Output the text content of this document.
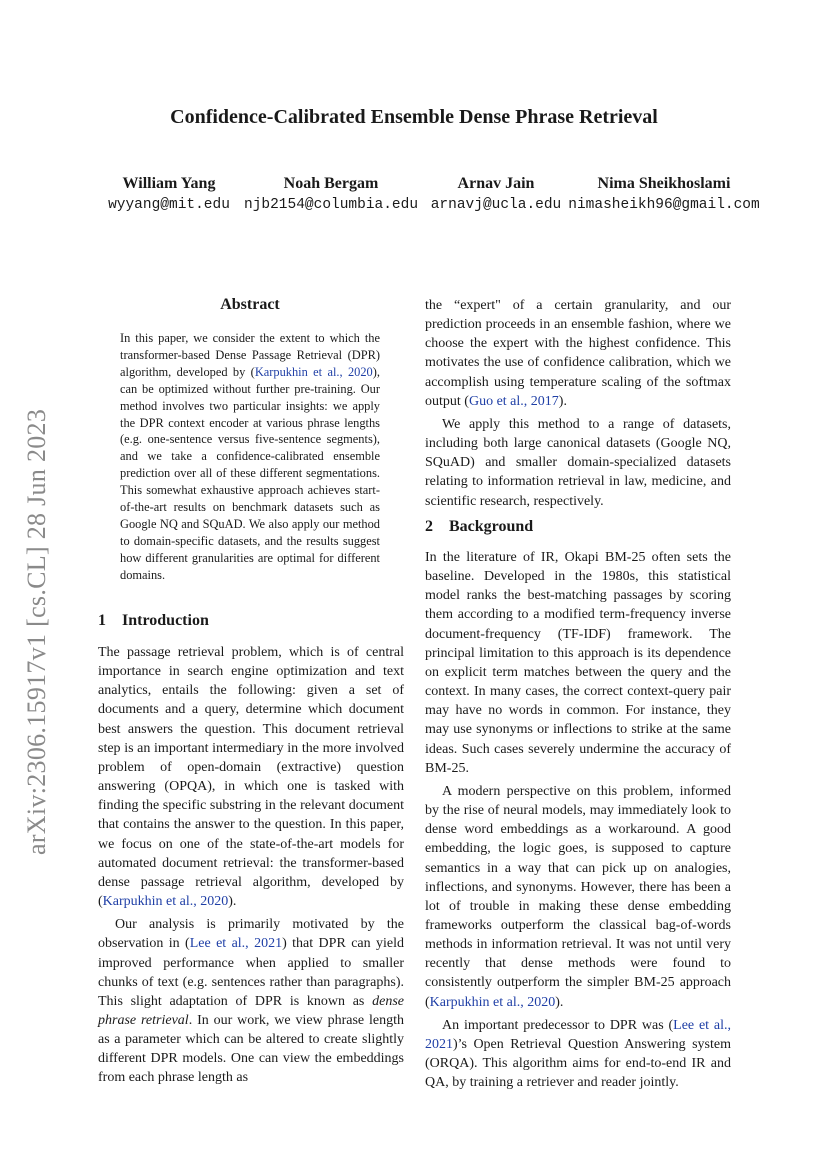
arXiv:2306.15917v1 [cs.CL] 28 Jun 2023
Confidence-Calibrated Ensemble Dense Phrase Retrieval
William Yang
wyyang@mit.edu
Noah Bergam
njb2154@columbia.edu
Arnav Jain
arnavj@ucla.edu
Nima Sheikhoslami
nimasheikh96@gmail.com
Abstract

In this paper, we consider the extent to which the transformer-based Dense Passage Retrieval (DPR) algorithm, developed by (Karpukhin et al., 2020), can be optimized without further pre-training. Our method involves two particular insights: we apply the DPR context encoder at various phrase lengths (e.g. one-sentence versus five-sentence segments), and we take a confidence-calibrated ensemble prediction over all of these different segmentations. This somewhat exhaustive approach achieves start-of-the-art results on benchmark datasets such as Google NQ and SQuAD. We also apply our method to domain-specific datasets, and the results suggest how different granularities are optimal for different domains.

1 Introduction

The passage retrieval problem, which is of central importance in search engine optimization and text analytics, entails the following: given a set of documents and a query, determine which document best answers the question. This document retrieval step is an important intermediary in the more involved problem of open-domain (extractive) question answering (OPQA), in which one is tasked with finding the specific substring in the relevant document that contains the answer to the question. In this paper, we focus on one of the state-of-the-art models for automated document retrieval: the transformer-based dense passage retrieval algorithm, developed by (Karpukhin et al., 2020).

Our analysis is primarily motivated by the observation in (Lee et al., 2021) that DPR can yield improved performance when applied to smaller chunks of text (e.g. sentences rather than paragraphs). This slight adaptation of DPR is known as dense phrase retrieval. In our work, we view phrase length as a parameter which can be altered to create slightly different DPR models. One can view the embeddings from each phrase length as

the “expert" of a certain granularity, and our prediction proceeds in an ensemble fashion, where we choose the expert with the highest confidence. This motivates the use of confidence calibration, which we accomplish using temperature scaling of the softmax output (Guo et al., 2017).

We apply this method to a range of datasets, including both large canonical datasets (Google NQ, SQuAD) and smaller domain-specialized datasets relating to information retrieval in law, medicine, and scientific research, respectively.

2 Background

In the literature of IR, Okapi BM-25 often sets the baseline. Developed in the 1980s, this statistical model ranks the best-matching passages by scoring them according to a modified term-frequency inverse document-frequency (TF-IDF) framework. The principal limitation to this approach is its dependence on explicit term matches between the query and the context. In many cases, the correct context-query pair may have no words in common. For instance, they may use synonyms or inflections to strike at the same ideas. Such cases severely undermine the accuracy of BM-25.

A modern perspective on this problem, informed by the rise of neural models, may immediately look to dense word embeddings as a workaround. A good embedding, the logic goes, is supposed to capture semantics in a way that can pick up on analogies, inflections, and synonyms. However, there has been a lot of trouble in making these dense embedding frameworks outperform the classical bag-of-words methods in information retrieval. It was not until very recently that dense methods were found to consistently outperform the simpler BM-25 approach (Karpukhin et al., 2020).

An important predecessor to DPR was (Lee et al., 2021)’s Open Retrieval Question Answering system (ORQA). This algorithm aims for end-to-end IR and QA, by training a retriever and reader jointly.
